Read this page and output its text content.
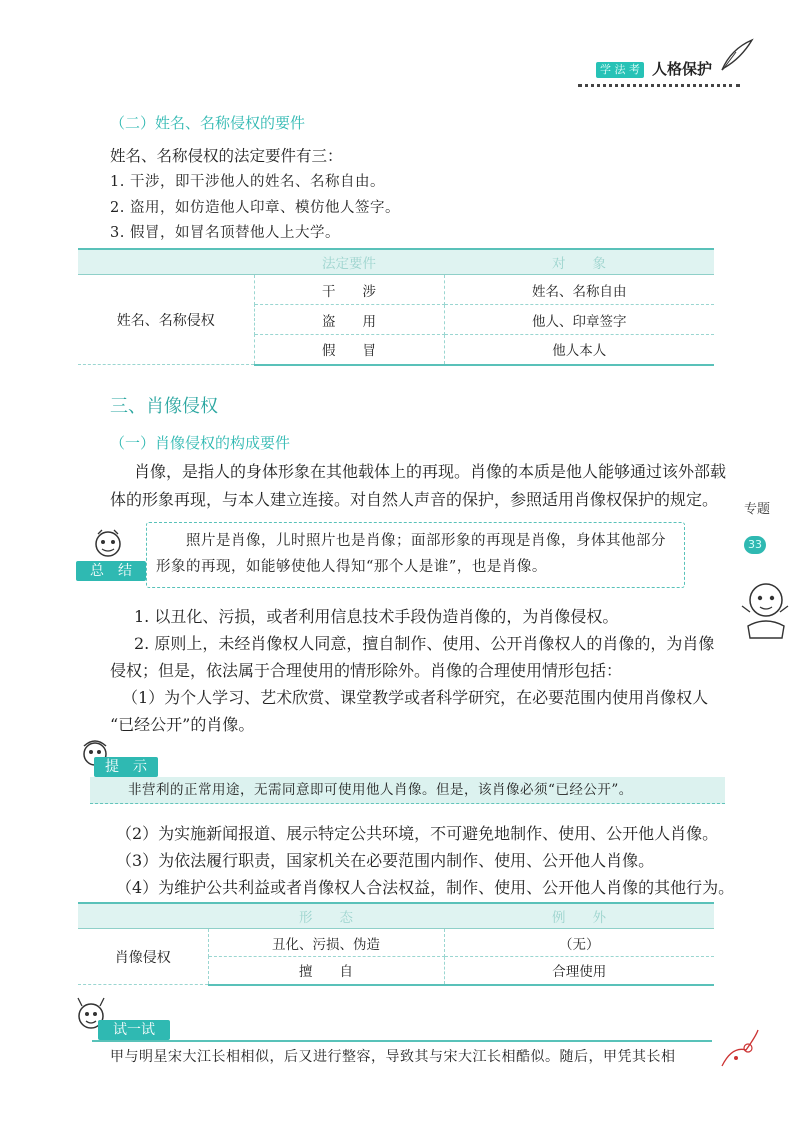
学 法 考 人格保护
（二）姓名、名称侵权的要件
姓名、名称侵权的法定要件有三：
1. 干涉，即干涉他人的姓名、名称自由。
2. 盗用，如仿造他人印章、模仿他人签字。
3. 假冒，如冒名顶替他人上大学。
	法定要件	对　　象
姓名、名称侵权	干　　涉	姓名、名称自由
	盗　　用	他人、印章签字
	假　　冒	他人本人
三、肖像侵权
（一）肖像侵权的构成要件
肖像，是指人的身体形象在其他载体上的再现。肖像的本质是他人能够通过该外部载
体的形象再现，与本人建立连接。对自然人声音的保护，参照适用肖像权保护的规定。
总　结
照片是肖像，儿时照片也是肖像；面部形象的再现是肖像，身体其他部分
形象的再现，如能够使他人得知“那个人是谁”，也是肖像。
1. 以丑化、污损，或者利用信息技术手段伪造肖像的，为肖像侵权。
2. 原则上，未经肖像权人同意，擅自制作、使用、公开肖像权人的肖像的，为肖像
侵权；但是，依法属于合理使用的情形除外。肖像的合理使用情形包括：
（1）为个人学习、艺术欣赏、课堂教学或者科学研究，在必要范围内使用肖像权人
“已经公开”的肖像。
提　示
非营利的正常用途，无需同意即可使用他人肖像。但是，该肖像必须“已经公开”。
（2）为实施新闻报道、展示特定公共环境，不可避免地制作、使用、公开他人肖像。
（3）为依法履行职责，国家机关在必要范围内制作、使用、公开他人肖像。
（4）为维护公共利益或者肖像权人合法权益，制作、使用、公开他人肖像的其他行为。
	形　　态	例　　外
肖像侵权	丑化、污损、伪造	（无）
	擅　　自	合理使用
试一试
甲与明星宋大江长相相似，后又进行整容，导致其与宋大江长相酷似。随后，甲凭其长相
专题
33
